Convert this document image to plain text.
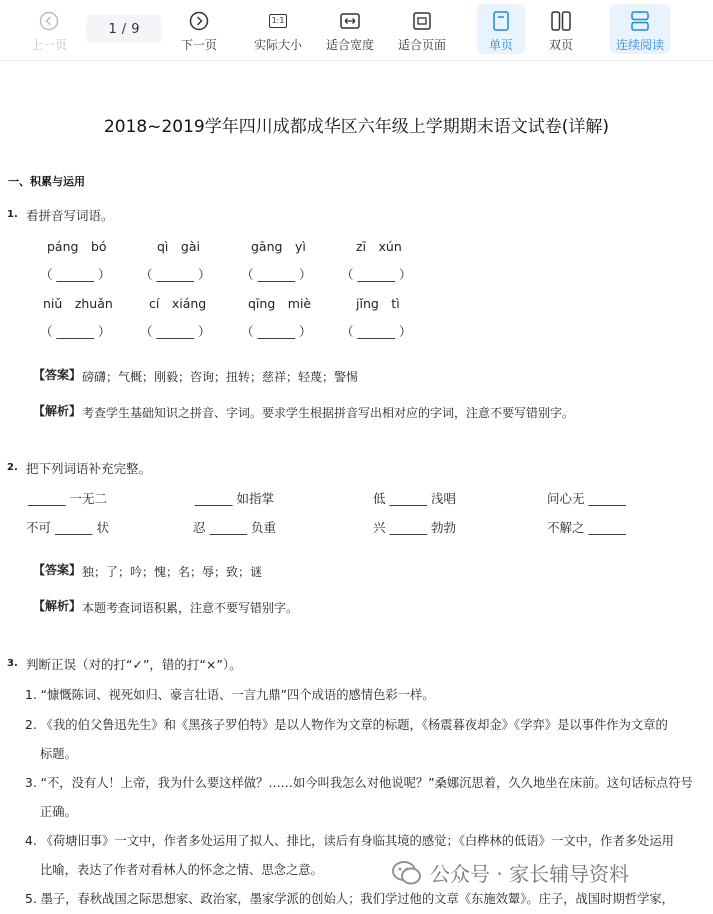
上一页
1 / 9
下一页
1:1
实际大小 适合宽度 适合页面	单页	双页	连续阅读
2018~2019学年四川成都成华区六年级上学期期末语文试卷(详解)
一、积累与运用
1. 看拼音写词语。
páng　bó	qì　gài	gāng　yì	zī　xún
（ ______ ） （ ______ ） （ ______ ） （ ______ ）
niǔ　zhuǎn	cí　xiáng	qīng　miè	jǐng　tì
（ ______ ） （ ______ ） （ ______ ） （ ______ ）
【答案】 磅礴；气概；刚毅；咨询；扭转；慈祥；轻蔑；警惕
【解析】 考查学生基础知识之拼音、字词。要求学生根据拼音写出相对应的字词，注意不要写错别字。
2. 把下列词语补充完整。
______ 一无二	______ 如指掌	低 ______ 浅唱	问心无 ______
不可 ______ 状	忍 ______ 负重	兴 ______ 勃勃	不解之 ______
【答案】 独；了；吟；愧；名；辱；致；谜
【解析】 本题考查词语积累，注意不要写错别字。
3. 判断正误（对的打“✓”，错的打“×”）。
1. “慷慨陈词、视死如归、豪言壮语、一言九鼎”四个成语的感情色彩一样。
2. 《我的伯父鲁迅先生》和《黑孩子罗伯特》是以人物作为文章的标题，《杨震暮夜却金》《学弈》是以事件作为文章的
标题。
3. “不，没有人！上帝，我为什么要这样做？……如今叫我怎么对他说呢？”桑娜沉思着，久久地坐在床前。这句话标点符号
正确。
4. 《荷塘旧事》一文中，作者多处运用了拟人、排比，读后有身临其境的感觉；《白桦林的低语》一文中，作者多处运用
比喻，表达了作者对看林人的怀念之情、思念之意。
5. 墨子，春秋战国之际思想家、政治家，墨家学派的创始人；我们学过他的文章《东施效颦》。庄子，战国时期哲学家，
公众号 · 家长辅导资料
